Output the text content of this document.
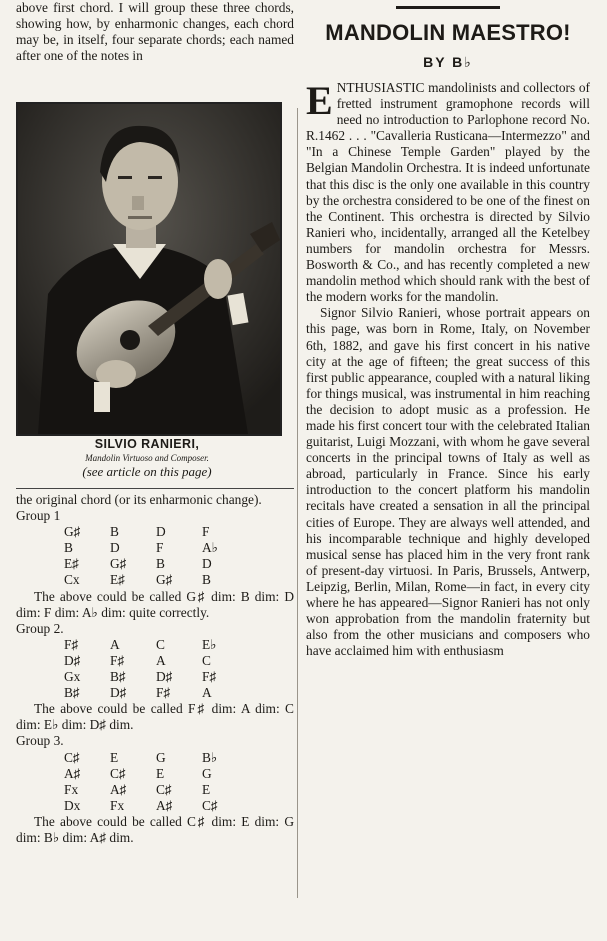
above first chord. I will group these three chords, showing how, by enharmonic changes, each chord may be, in itself, four separate chords; each named after one of the notes in

SILVIO RANIERI,
Mandolin Virtuoso and Composer.
(see article on this page)

the original chord (or its enharmonic change).

Group 1

G♯	B	D	F
B	D	F	A♭
E♯	G♯	B	D
Cx	E♯	G♯	B

The above could be called G♯ dim: B dim: D dim: F dim: A♭ dim: quite correctly.

Group 2.

F♯	A	C	E♭
D♯	F♯	A	C
Gx	B♯	D♯	F♯
B♯	D♯	F♯	A

The above could be called F♯ dim: A dim: C dim: E♭ dim: D♯ dim.

Group 3.

C♯	E	G	B♭
A♯	C♯	E	G
Fx	A♯	C♯	E
Dx	Fx	A♯	C♯

The above could be called C♯ dim: E dim: G dim: B♭ dim: A♯ dim.

MANDOLIN MAESTRO!
BY B♭

ENTHUSIASTIC mandolinists and collectors of fretted instrument gramophone records will need no introduction to Parlophone record No. R.1462 . . . "Cavalleria Rusticana—Intermezzo" and "In a Chinese Temple Garden" played by the Belgian Mandolin Orchestra. It is indeed unfortunate that this disc is the only one available in this country by the orchestra considered to be one of the finest on the Continent. This orchestra is directed by Silvio Ranieri who, incidentally, arranged all the Ketelbey numbers for mandolin orchestra for Messrs. Bosworth & Co., and has recently completed a new mandolin method which should rank with the best of the modern works for the mandolin.

Signor Silvio Ranieri, whose portrait appears on this page, was born in Rome, Italy, on November 6th, 1882, and gave his first concert in his native city at the age of fifteen; the great success of this first public appearance, coupled with a natural liking for things musical, was instrumental in him reaching the decision to adopt music as a profession. He made his first concert tour with the celebrated Italian guitarist, Luigi Mozzani, with whom he gave several concerts in the principal towns of Italy as well as abroad, particularly in France. Since his early introduction to the concert platform his mandolin recitals have created a sensation in all the principal cities of Europe. They are always well attended, and his incomparable technique and highly developed musical sense has placed him in the very front rank of present-day virtuosi. In Paris, Brussels, Antwerp, Leipzig, Berlin, Milan, Rome—in fact, in every city where he has appeared—Signor Ranieri has not only won approbation from the mandolin fraternity but also from the other musicians and composers who have acclaimed him with enthusiasm
